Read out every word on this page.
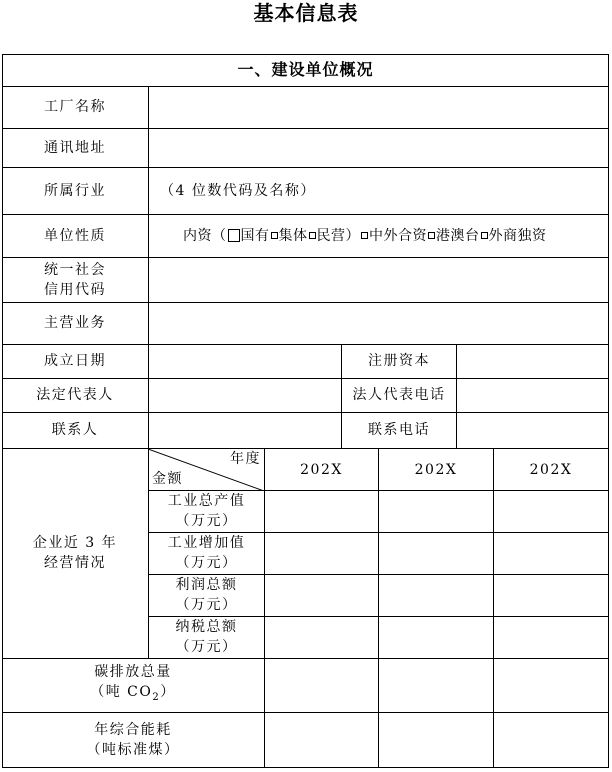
基本信息表
一、建设单位概况
工厂名称
通讯地址
所属行业
单位性质
统一社会
信用代码
主营业务
成立日期
法定代表人
联系人
（4 位数代码及名称）
内资（ 国有 集体 民营） 中外合资 港澳台 外商独资
注册资本
法人代表电话
联系电话
企业近 3 年
经营情况
年度
金额
202X	202X	202X
工业总产值
（万元）
工业增加值
（万元）
利润总额
（万元）
纳税总额
（万元）
碳排放总量
（吨 $CO_2$）
年综合能耗
（吨标准煤）
